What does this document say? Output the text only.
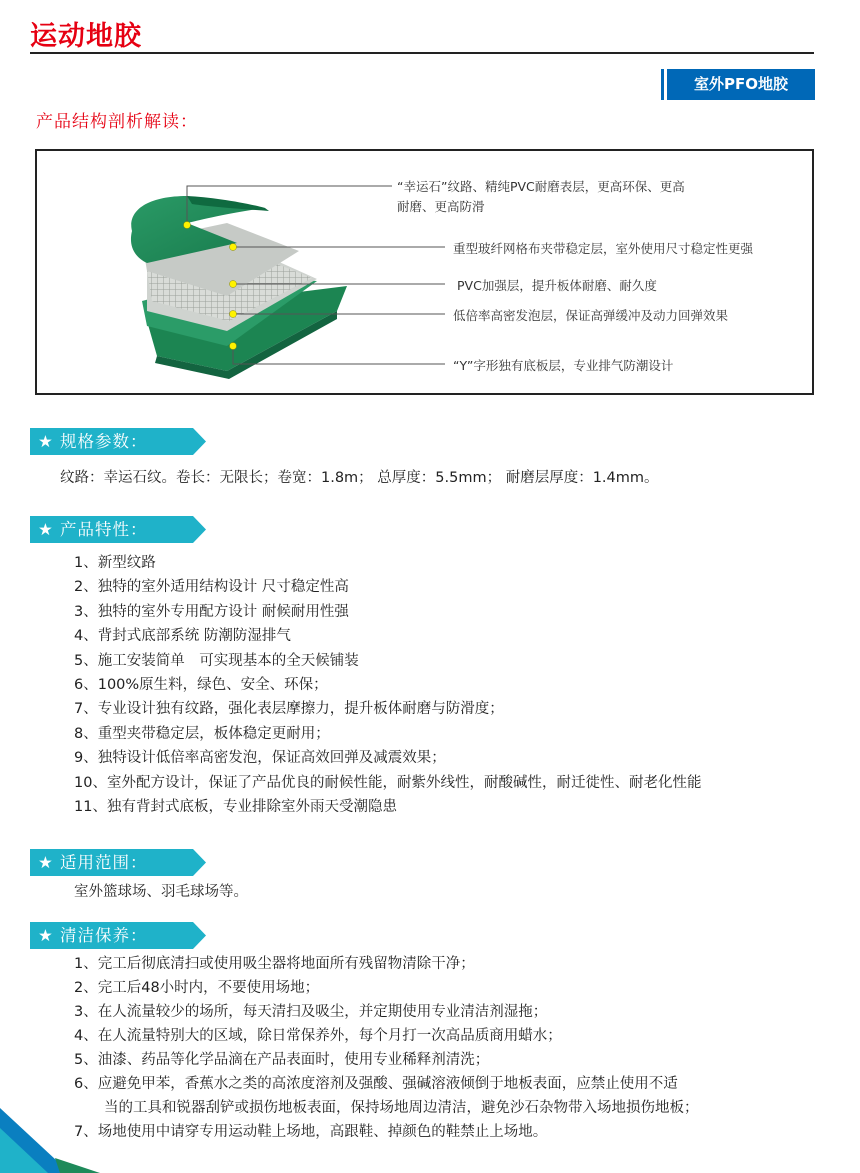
运动地胶
室外PFO地胶
产品结构剖析解读：
“幸运石”纹路、精纯PVC耐磨表层，更高环保、更高
耐磨、更高防滑
重型玻纤网格布夹带稳定层，室外使用尺寸稳定性更强
PVC加强层，提升板体耐磨、耐久度
低倍率高密发泡层，保证高弹缓冲及动力回弹效果
“Y”字形独有底板层，专业排气防潮设计
★ 规格参数：
纹路：幸运石纹。卷长：无限长；卷宽：1.8m； 总厚度：5.5mm； 耐磨层厚度：1.4mm。
★ 产品特性：
1、新型纹路
2、独特的室外适用结构设计 尺寸稳定性高
3、独特的室外专用配方设计 耐候耐用性强
4、背封式底部系统 防潮防湿排气
5、施工安装简单　可实现基本的全天候铺装
6、100%原生料，绿色、安全、环保；
7、专业设计独有纹路，强化表层摩擦力，提升板体耐磨与防滑度；
8、重型夹带稳定层，板体稳定更耐用；
9、独特设计低倍率高密发泡，保证高效回弹及减震效果；
10、室外配方设计，保证了产品优良的耐候性能，耐紫外线性，耐酸碱性，耐迁徙性、耐老化性能
11、独有背封式底板，专业排除室外雨天受潮隐患
★ 适用范围：
室外篮球场、羽毛球场等。
★ 清洁保养：
1、完工后彻底清扫或使用吸尘器将地面所有残留物清除干净；
2、完工后48小时内，不要使用场地；
3、在人流量较少的场所，每天清扫及吸尘，并定期使用专业清洁剂湿拖；
4、在人流量特别大的区域，除日常保养外，每个月打一次高品质商用蜡水；
5、油漆、药品等化学品滴在产品表面时，使用专业稀释剂清洗；
6、应避免甲苯，香蕉水之类的高浓度溶剂及强酸、强碱溶液倾倒于地板表面，应禁止使用不适
当的工具和锐器刮铲或损伤地板表面，保持场地周边清洁，避免沙石杂物带入场地损伤地板；
7、场地使用中请穿专用运动鞋上场地，高跟鞋、掉颜色的鞋禁止上场地。
